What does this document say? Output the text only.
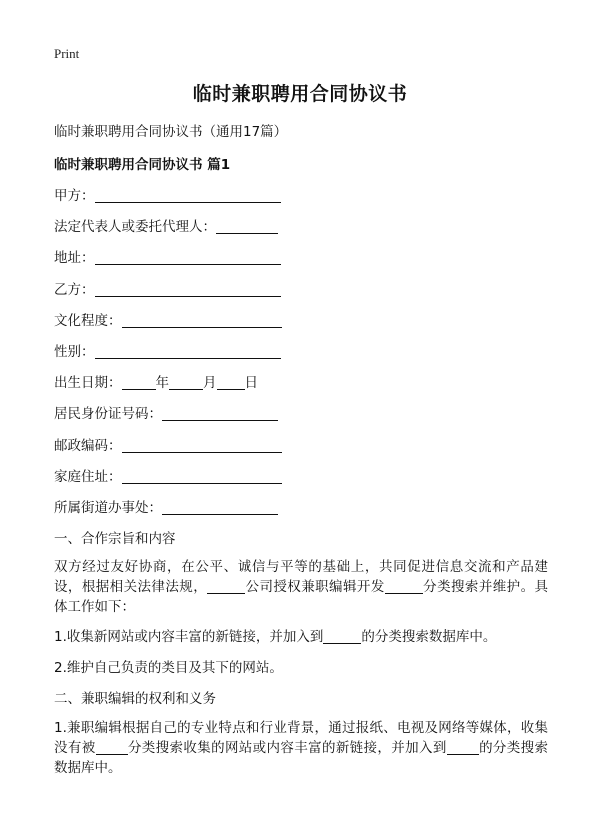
Print
临时兼职聘用合同协议书
临时兼职聘用合同协议书（通用17篇）
临时兼职聘用合同协议书 篇1
甲方：
法定代表人或委托代理人：
地址：
乙方：
文化程度：
性别：
出生日期：	年	月 日
居民身份证号码：
邮政编码：
家庭住址：
所属街道办事处：
一、合作宗旨和内容
双方经过友好协商，在公平、诚信与平等的基础上，共同促进信息交流和产品建设，根据相关法律法规，	公司授权兼职编辑开发	分类搜索并维护。具体工作如下：
1.收集新网站或内容丰富的新链接，并加入到	的分类搜索数据库中。
2.维护自己负责的类目及其下的网站。
二、兼职编辑的权利和义务
1.兼职编辑根据自己的专业特点和行业背景，通过报纸、电视及网络等媒体，收集没有被 分类搜索收集的网站或内容丰富的新链接，并加入到 的分类搜索数据库中。
